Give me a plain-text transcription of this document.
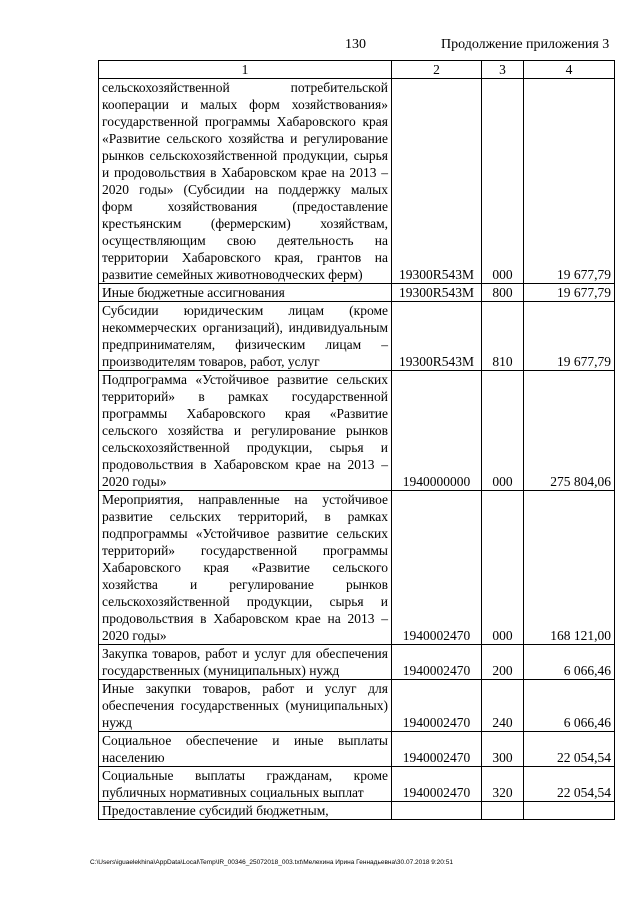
130	Продолжение приложения 3
1	2	3	4
сельскохозяйственной потребительской кооперации и малых форм хозяйствования» государственной программы Хабаровского края «Развитие сельского хозяйства и регулирование рынков сельскохозяйственной продукции, сырья и продовольствия в Хабаровском крае на 2013 – 2020 годы» (Субсидии на поддержку малых форм хозяйствования (предоставление крестьянским (фермерским) хозяйствам, осуществляющим свою деятельность на территории Хабаровского края, грантов на развитие семейных животноводческих ферм)	19300R543M	000	19 677,79
Иные бюджетные ассигнования	19300R543M	800	19 677,79
Субсидии юридическим лицам (кроме некоммерческих организаций), индивидуальным предпринимателям, физическим лицам – производителям товаров, работ, услуг	19300R543M	810	19 677,79
Подпрограмма «Устойчивое развитие сельских территорий» в рамках государственной программы Хабаровского края «Развитие сельского хозяйства и регулирование рынков сельскохозяйственной продукции, сырья и продовольствия в Хабаровском крае на 2013 – 2020 годы»	1940000000	000	275 804,06
Мероприятия, направленные на устойчивое развитие сельских территорий, в рамках подпрограммы «Устойчивое развитие сельских территорий» государственной программы Хабаровского края «Развитие сельского хозяйства и регулирование рынков сельскохозяйственной продукции, сырья и продовольствия в Хабаровском крае на 2013 – 2020 годы»	1940002470	000	168 121,00
Закупка товаров, работ и услуг для обеспечения государственных (муниципальных) нужд	1940002470	200	6 066,46
Иные закупки товаров, работ и услуг для обеспечения государственных (муниципальных) нужд	1940002470	240	6 066,46
Социальное обеспечение и иные выплаты населению	1940002470	300	22 054,54
Социальные выплаты гражданам, кроме публичных нормативных социальных выплат	1940002470	320	22 054,54
Предоставление субсидий бюджетным,			
C:\Users\iguaelekhina\AppData\Local\Temp\IR_00346_25072018_003.txt\Мелехина Ирина Геннадьевна\30.07.2018 9:20:51
